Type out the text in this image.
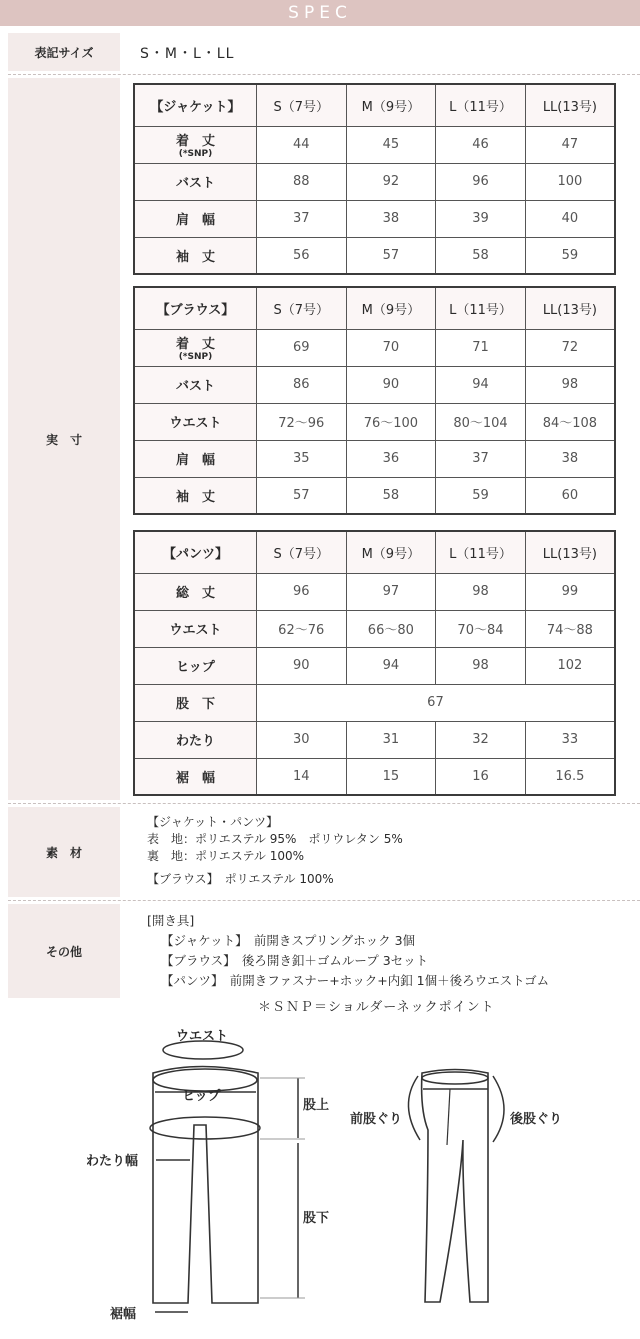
SPEC
表記サイズ	S・M・L・LL
実　寸
【ジャケット】	S（7号）	M（9号）	L（11号）	LL(13号)
着　丈
(*SNP)	44	45	46	47
バスト	88	92	96	100
肩　幅	37	38	39	40
袖　丈	56	57	58	59
【ブラウス】	S（7号）	M（9号）	L（11号）	LL(13号)
着　丈
(*SNP)	69	70	71	72
バスト	86	90	94	98
ウエスト	72〜96	76〜100	80〜104	84〜108
肩　幅	35	36	37	38
袖　丈	57	58	59	60
【パンツ】	S（7号）	M（9号）	L（11号）	LL(13号)
総　丈	96	97	98	99
ウエスト	62〜76	66〜80	70〜84	74〜88
ヒップ	90	94	98	102
股　下	67			
わたり	30	31	32	33
裾　幅	14	15	16	16.5
素　材
【ジャケット・パンツ】
表　地：ポリエステル 95%　ポリウレタン 5%
裏　地：ポリエステル 100%
【ブラウス】　ポリエステル 100%
その他
[開き具]
【ジャケット】　前開きスプリングホック 3個
【ブラウス】　後ろ開き釦＋ゴムループ 3セット
【パンツ】　前開きファスナー+ホック+内釦 1個＋後ろウエストゴム
＊ＳＮＰ＝ショルダーネックポイント
ウエスト
ヒップ
股上
わたり幅
股下
裾幅
前股ぐり	後股ぐり
